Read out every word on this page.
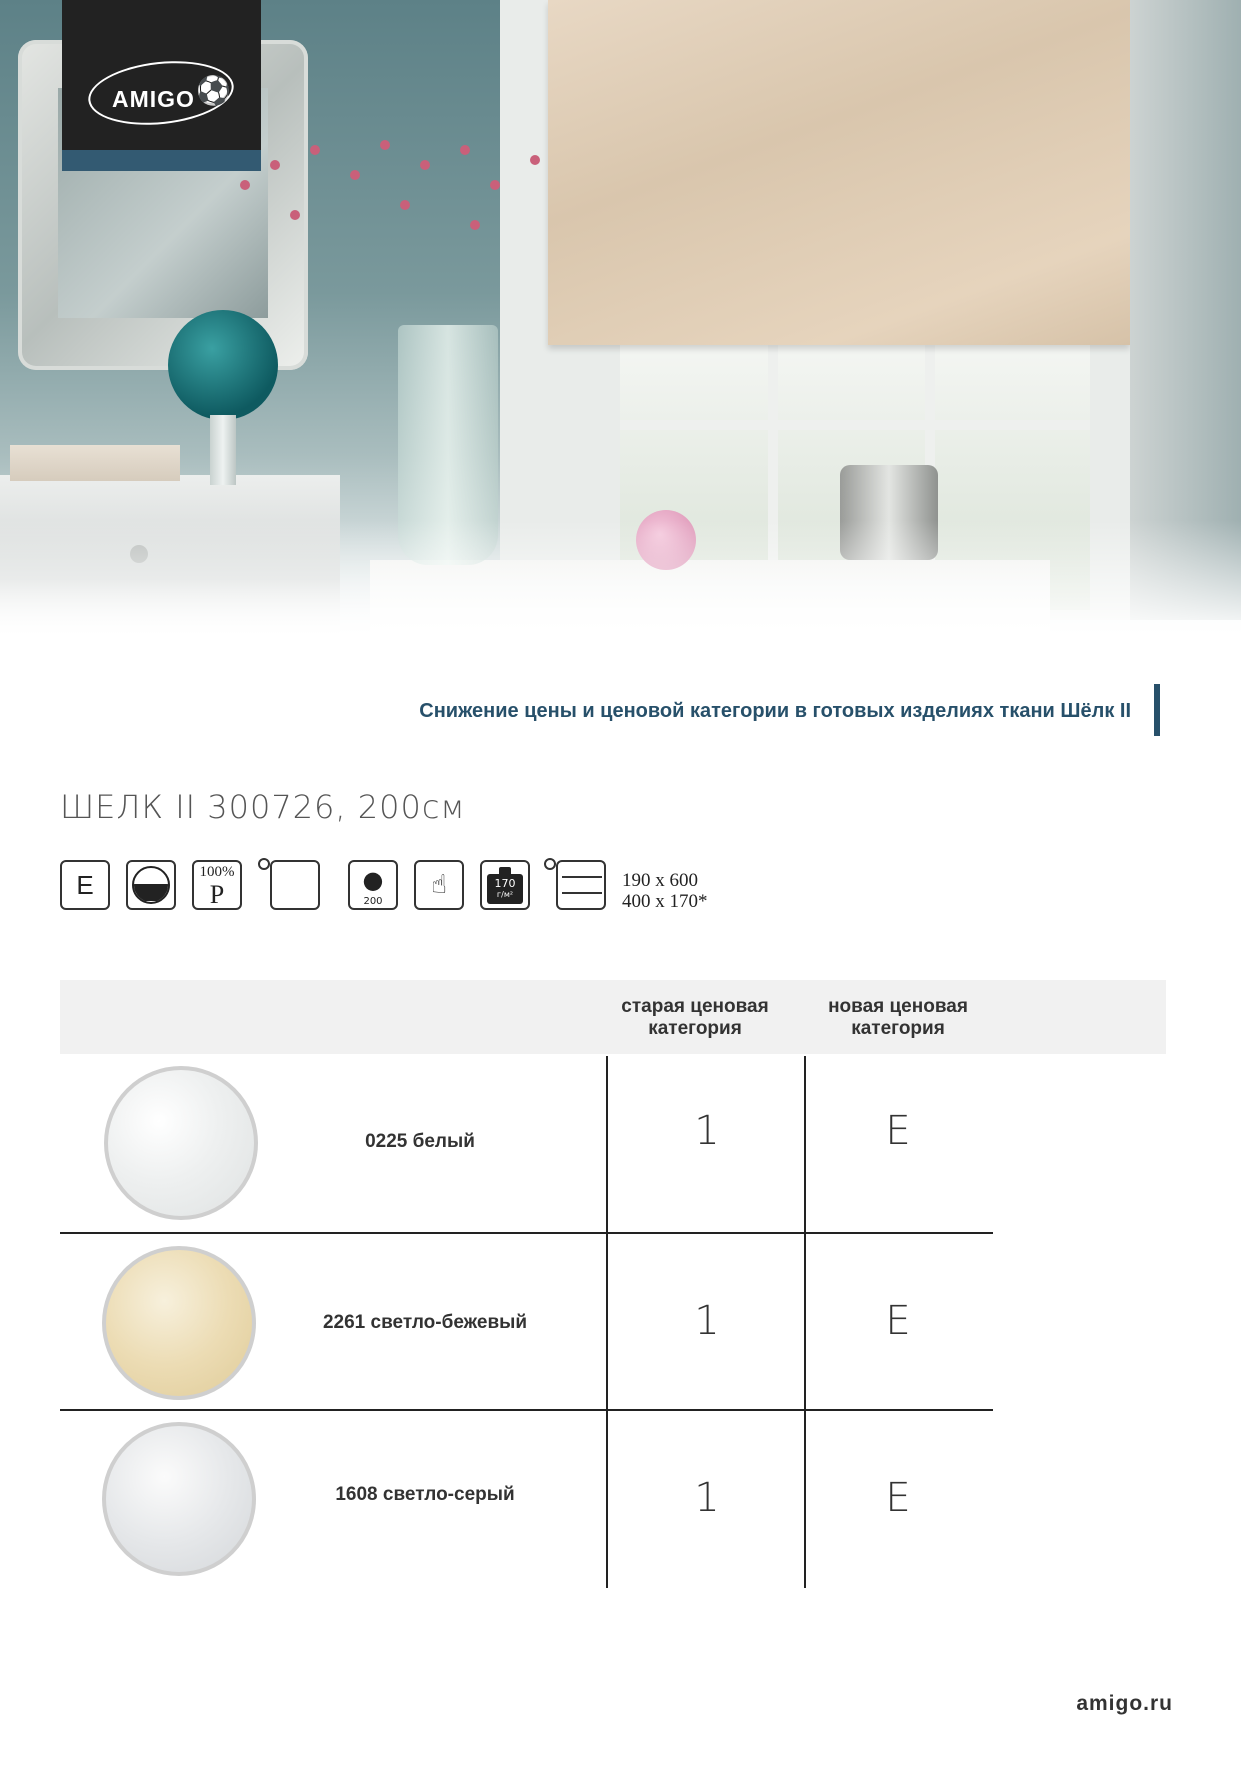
AMIGO ⚽
Снижение цены и ценовой категории в готовых изделиях ткани Шёлк II
ШЕЛК II 300726, 200см
E	100%
P	●
200
☝	170
г/м²
190 x 600
400 x 170*
старая ценовая категория
новая ценовая категория
0225 белый	1	E
2261 светло-бежевый	1	E
1608 светло-серый	1	E
amigo.ru
